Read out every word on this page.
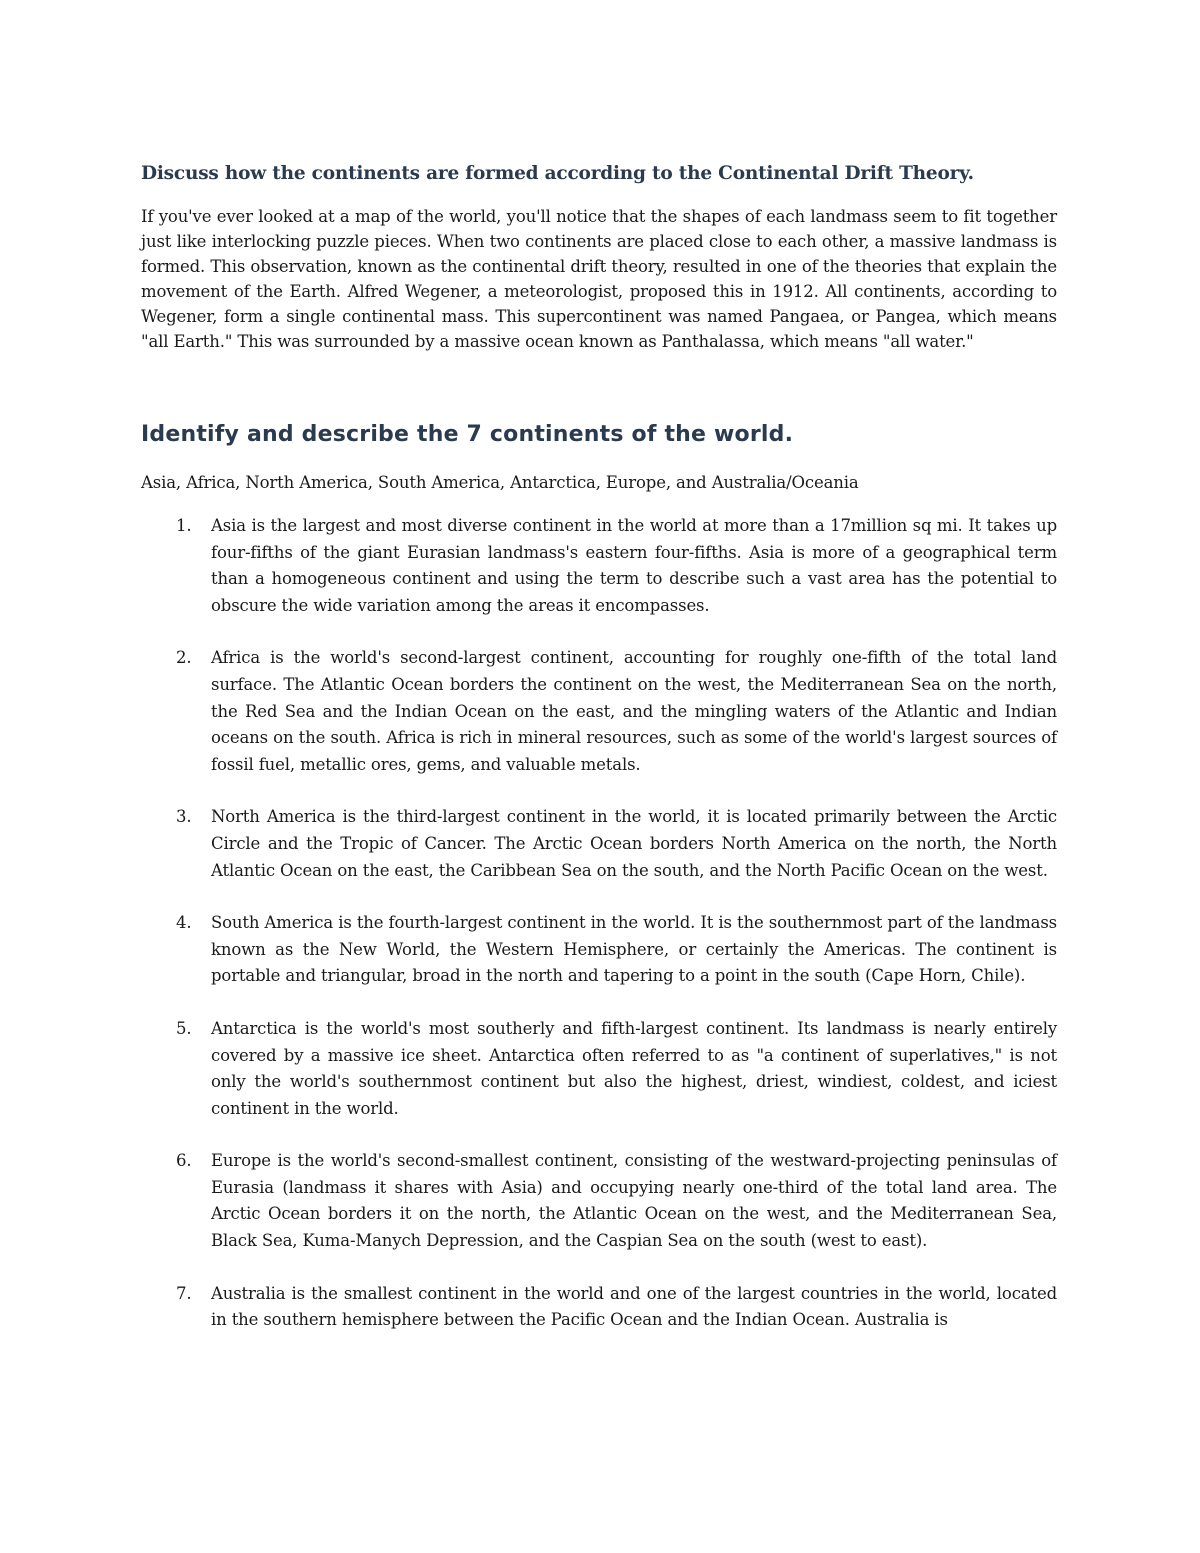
Discuss how the continents are formed according to the Continental Drift Theory.

If you've ever looked at a map of the world, you'll notice that the shapes of each landmass seem to fit together just like interlocking puzzle pieces. When two continents are placed close to each other, a massive landmass is formed. This observation, known as the continental drift theory, resulted in one of the theories that explain the movement of the Earth. Alfred Wegener, a meteorologist, proposed this in 1912. All continents, according to Wegener, form a single continental mass. This supercontinent was named Pangaea, or Pangea, which means "all Earth." This was surrounded by a massive ocean known as Panthalassa, which means "all water."

Identify and describe the 7 continents of the world.

Asia, Africa, North America, South America, Antarctica, Europe, and Australia/Oceania

1. Asia is the largest and most diverse continent in the world at more than a 17million sq mi. It takes up four-fifths of the giant Eurasian landmass's eastern four-fifths. Asia is more of a geographical term than a homogeneous continent and using the term to describe such a vast area has the potential to obscure the wide variation among the areas it encompasses.
2. Africa is the world's second-largest continent, accounting for roughly one-fifth of the total land surface. The Atlantic Ocean borders the continent on the west, the Mediterranean Sea on the north, the Red Sea and the Indian Ocean on the east, and the mingling waters of the Atlantic and Indian oceans on the south. Africa is rich in mineral resources, such as some of the world's largest sources of fossil fuel, metallic ores, gems, and valuable metals.
3. North America is the third-largest continent in the world, it is located primarily between the Arctic Circle and the Tropic of Cancer. The Arctic Ocean borders North America on the north, the North Atlantic Ocean on the east, the Caribbean Sea on the south, and the North Pacific Ocean on the west.
4. South America is the fourth-largest continent in the world. It is the southernmost part of the landmass known as the New World, the Western Hemisphere, or certainly the Americas. The continent is portable and triangular, broad in the north and tapering to a point in the south (Cape Horn, Chile).
5. Antarctica is the world's most southerly and fifth-largest continent. Its landmass is nearly entirely covered by a massive ice sheet. Antarctica often referred to as "a continent of superlatives," is not only the world's southernmost continent but also the highest, driest, windiest, coldest, and iciest continent in the world.
6. Europe is the world's second-smallest continent, consisting of the westward-projecting peninsulas of Eurasia (landmass it shares with Asia) and occupying nearly one-third of the total land area. The Arctic Ocean borders it on the north, the Atlantic Ocean on the west, and the Mediterranean Sea, Black Sea, Kuma-Manych Depression, and the Caspian Sea on the south (west to east).
7. Australia is the smallest continent in the world and one of the largest countries in the world, located in the southern hemisphere between the Pacific Ocean and the Indian Ocean. Australia is
